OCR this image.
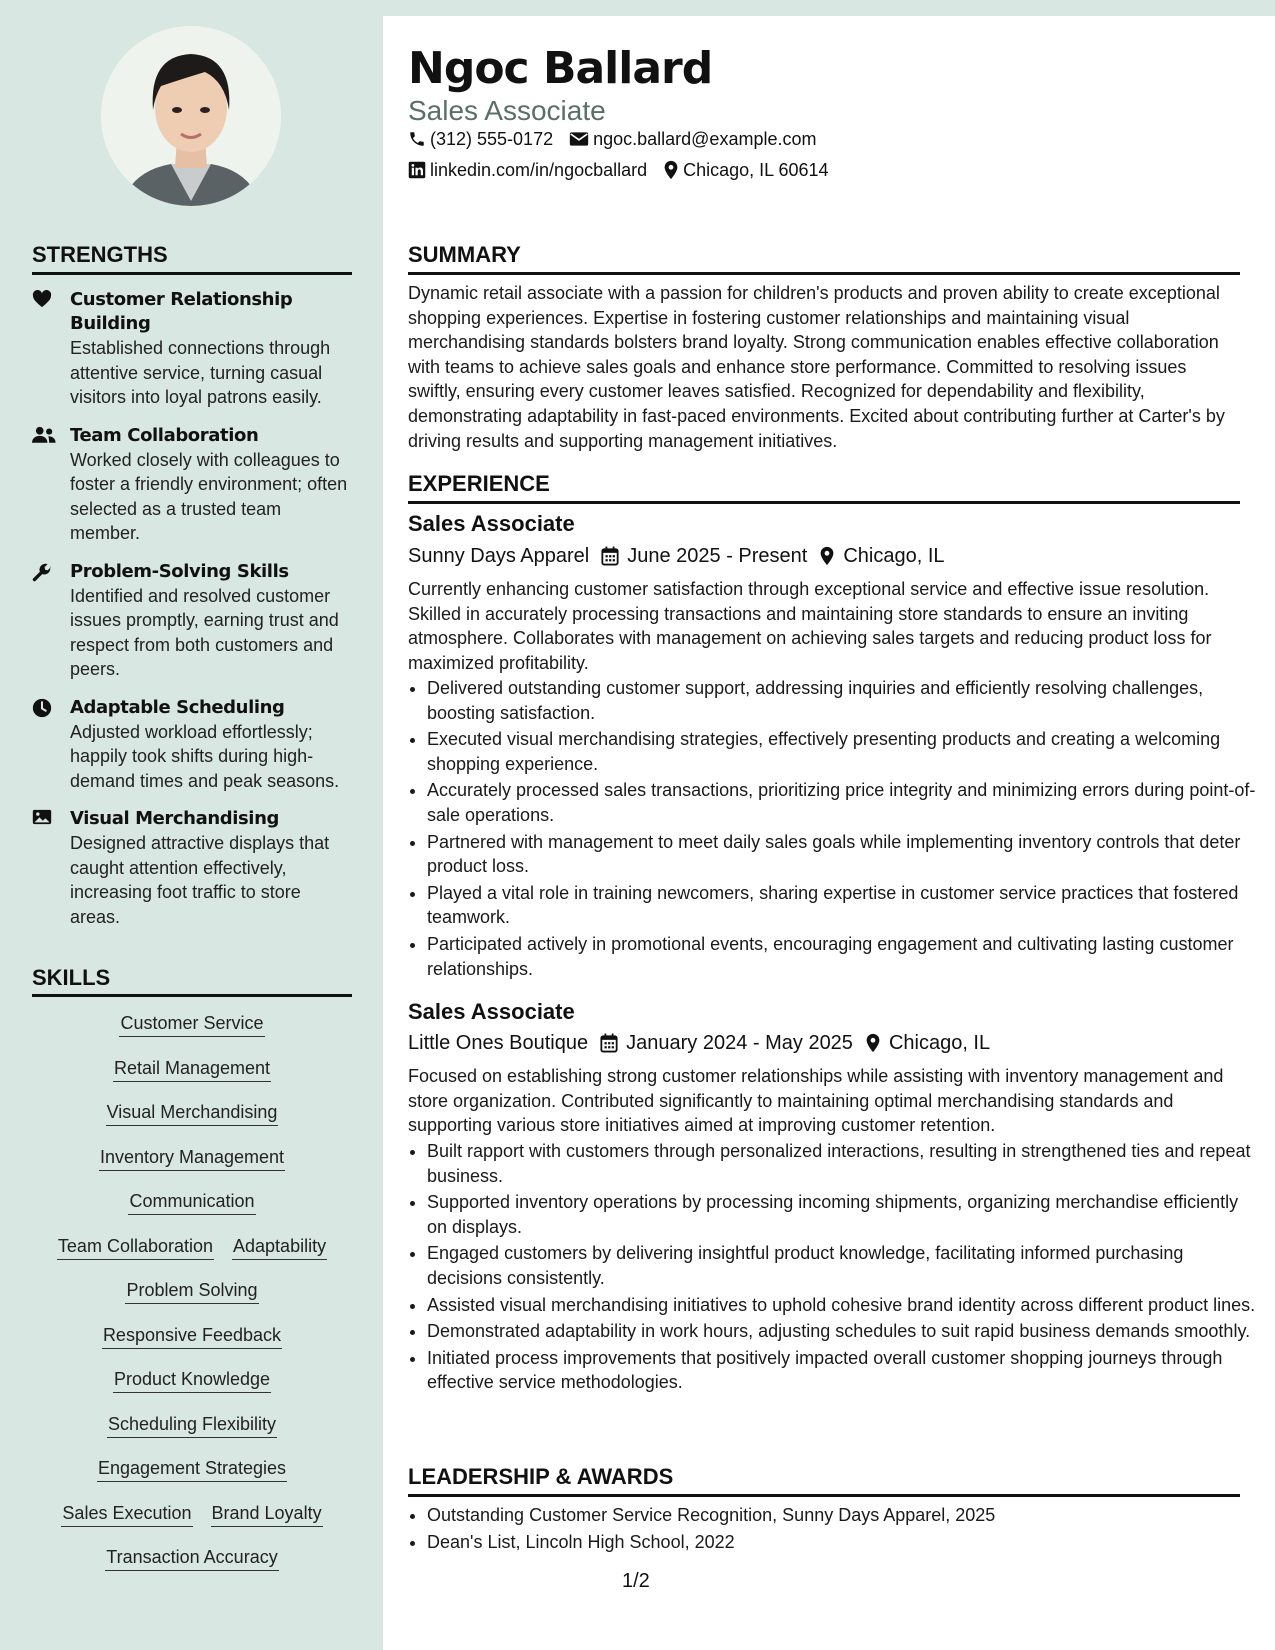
Ngoc Ballard
Sales Associate
(312) 555-0172 ngoc.ballard@example.com
linkedin.com/in/ngocballard Chicago, IL 60614
STRENGTHS
Customer Relationship Building
Established connections through attentive service, turning casual visitors into loyal patrons easily.
Team Collaboration
Worked closely with colleagues to foster a friendly environment; often selected as a trusted team member.
Problem-Solving Skills
Identified and resolved customer issues promptly, earning trust and respect from both customers and peers.
Adaptable Scheduling
Adjusted workload effortlessly; happily took shifts during high-demand times and peak seasons.
Visual Merchandising
Designed attractive displays that caught attention effectively, increasing foot traffic to store areas.
SKILLS
Customer Service
Retail Management
Visual Merchandising
Inventory Management
Communication
Team Collaboration Adaptability
Problem Solving
Responsive Feedback
Product Knowledge
Scheduling Flexibility
Engagement Strategies
Sales Execution Brand Loyalty
Transaction Accuracy
SUMMARY

Dynamic retail associate with a passion for children's products and proven ability to create exceptional shopping experiences. Expertise in fostering customer relationships and maintaining visual merchandising standards bolsters brand loyalty. Strong communication enables effective collaboration with teams to achieve sales goals and enhance store performance. Committed to resolving issues swiftly, ensuring every customer leaves satisfied. Recognized for dependability and flexibility, demonstrating adaptability in fast-paced environments. Excited about contributing further at Carter's by driving results and supporting management initiatives.

EXPERIENCE
Sales Associate
Sunny Days Apparel June 2025 - Present Chicago, IL

Currently enhancing customer satisfaction through exceptional service and effective issue resolution. Skilled in accurately processing transactions and maintaining store standards to ensure an inviting atmosphere. Collaborates with management on achieving sales targets and reducing product loss for maximized profitability.

• Delivered outstanding customer support, addressing inquiries and efficiently resolving challenges, boosting satisfaction.
• Executed visual merchandising strategies, effectively presenting products and creating a welcoming shopping experience.
• Accurately processed sales transactions, prioritizing price integrity and minimizing errors during point-of-sale operations.
• Partnered with management to meet daily sales goals while implementing inventory controls that deter product loss.
• Played a vital role in training newcomers, sharing expertise in customer service practices that fostered teamwork.
• Participated actively in promotional events, encouraging engagement and cultivating lasting customer relationships.
Sales Associate
Little Ones Boutique January 2024 - May 2025 Chicago, IL

Focused on establishing strong customer relationships while assisting with inventory management and store organization. Contributed significantly to maintaining optimal merchandising standards and supporting various store initiatives aimed at improving customer retention.

• Built rapport with customers through personalized interactions, resulting in strengthened ties and repeat business.
• Supported inventory operations by processing incoming shipments, organizing merchandise efficiently on displays.
• Engaged customers by delivering insightful product knowledge, facilitating informed purchasing decisions consistently.
• Assisted visual merchandising initiatives to uphold cohesive brand identity across different product lines.
• Demonstrated adaptability in work hours, adjusting schedules to suit rapid business demands smoothly.
• Initiated process improvements that positively impacted overall customer shopping journeys through effective service methodologies.
LEADERSHIP & AWARDS
• Outstanding Customer Service Recognition, Sunny Days Apparel, 2025
• Dean's List, Lincoln High School, 2022
1/2
